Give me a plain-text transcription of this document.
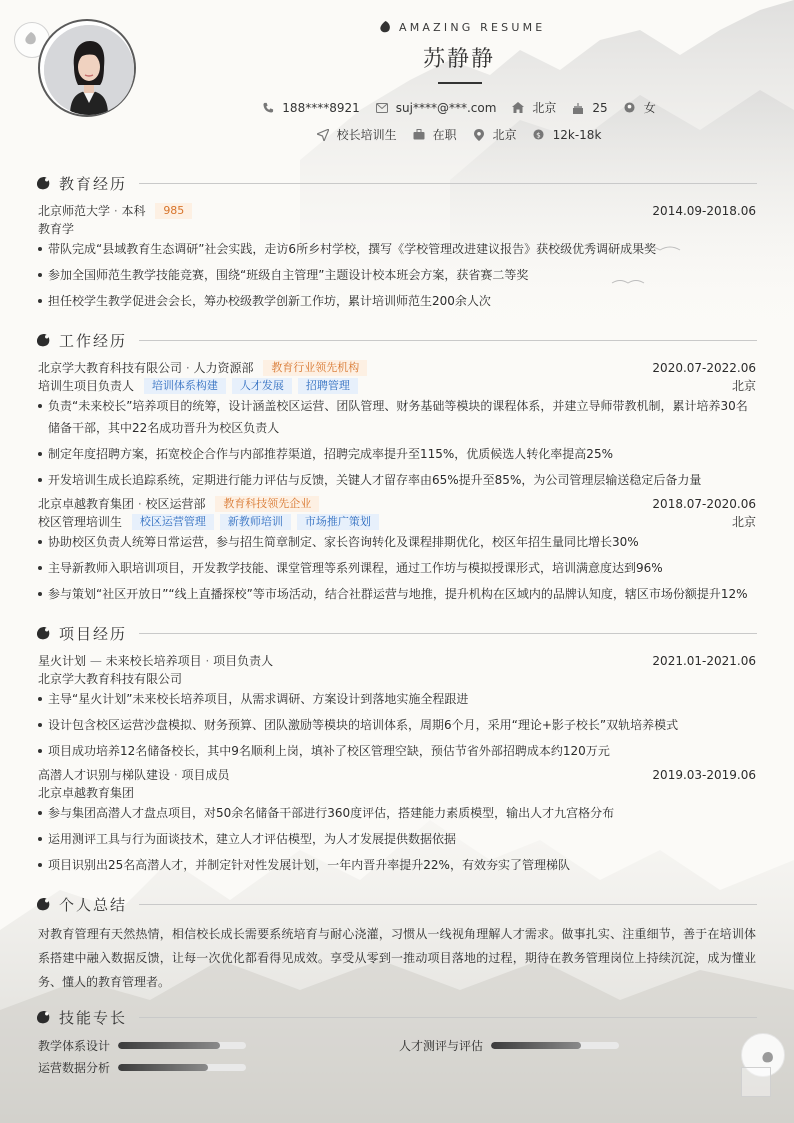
AMAZING RESUME
苏静静
188****8921	suj****@***.com	北京	25	女
校长培训生	在职	北京 $ 12k-18k
教育经历
北京师范大学 · 本科 985	2014.09-2018.06
教育学
带队完成“县域教育生态调研”社会实践，走访6所乡村学校，撰写《学校管理改进建议报告》获校级优秀调研成果奖
参加全国师范生教学技能竞赛，围绕“班级自主管理”主题设计校本班会方案，获省赛二等奖
担任校学生教学促进会会长，筹办校级教学创新工作坊，累计培训师范生200余人次
工作经历
北京学大教育科技有限公司 · 人力资源部 教育行业领先机构	2020.07-2022.06
培训生项目负责人 培训体系构建 人才发展 招聘管理	北京
负责“未来校长”培养项目的统筹，设计涵盖校区运营、团队管理、财务基础等模块的课程体系，并建立导师带教机制，累计培养30名储备干部，其中22名成功晋升为校区负责人
制定年度招聘方案，拓宽校企合作与内部推荐渠道，招聘完成率提升至115%，优质候选人转化率提高25%
开发培训生成长追踪系统，定期进行能力评估与反馈，关键人才留存率由65%提升至85%，为公司管理层输送稳定后备力量
北京卓越教育集团 · 校区运营部 教育科技领先企业	2018.07-2020.06
校区管理培训生 校区运营管理 新教师培训 市场推广策划	北京
协助校区负责人统筹日常运营，参与招生简章制定、家长咨询转化及课程排期优化，校区年招生量同比增长30%
主导新教师入职培训项目，开发教学技能、课堂管理等系列课程，通过工作坊与模拟授课形式，培训满意度达到96%
参与策划“社区开放日”“线上直播探校”等市场活动，结合社群运营与地推，提升机构在区域内的品牌认知度，辖区市场份额提升12%
项目经历
星火计划 — 未来校长培养项目 · 项目负责人	2021.01-2021.06
北京学大教育科技有限公司
主导“星火计划”未来校长培养项目，从需求调研、方案设计到落地实施全程跟进
设计包含校区运营沙盘模拟、财务预算、团队激励等模块的培训体系，周期6个月，采用“理论+影子校长”双轨培养模式
项目成功培养12名储备校长，其中9名顺利上岗，填补了校区管理空缺，预估节省外部招聘成本约120万元
高潜人才识别与梯队建设 · 项目成员	2019.03-2019.06
北京卓越教育集团
参与集团高潜人才盘点项目，对50余名储备干部进行360度评估，搭建能力素质模型，输出人才九宫格分布
运用测评工具与行为面谈技术，建立人才评估模型，为人才发展提供数据依据
项目识别出25名高潜人才，并制定针对性发展计划，一年内晋升率提升22%，有效夯实了管理梯队
个人总结
对教育管理有天然热情，相信校长成长需要系统培育与耐心浇灌，习惯从一线视角理解人才需求。做事扎实、注重细节，善于在培训体系搭建中融入数据反馈，让每一次优化都看得见成效。享受从零到一推动项目落地的过程，期待在教务管理岗位上持续沉淀，成为懂业务、懂人的教育管理者。
技能专长
教学体系设计	人才测评与评估
运营数据分析
